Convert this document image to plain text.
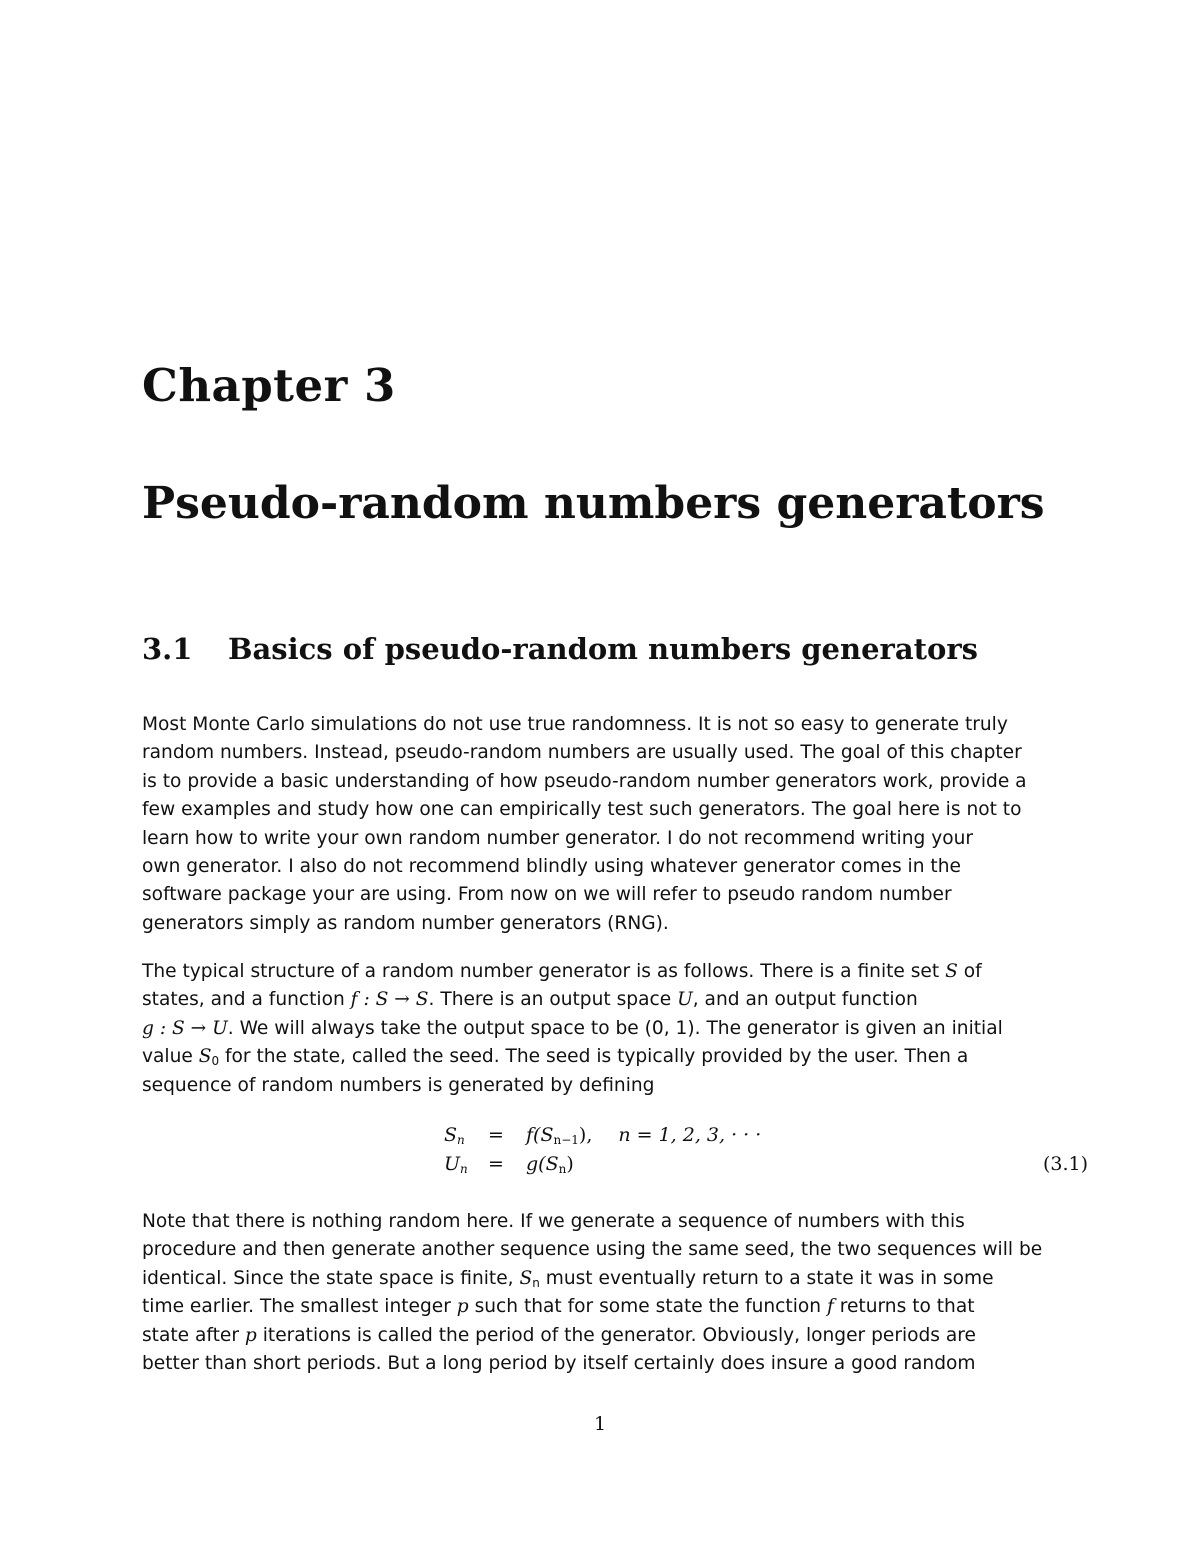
Chapter 3
Pseudo-random numbers generators
3.1 Basics of pseudo-random numbers generators
Most Monte Carlo simulations do not use true randomness. It is not so easy to generate truly
random numbers. Instead, pseudo-random numbers are usually used. The goal of this chapter
is to provide a basic understanding of how pseudo-random number generators work, provide a
few examples and study how one can empirically test such generators. The goal here is not to
learn how to write your own random number generator. I do not recommend writing your
own generator. I also do not recommend blindly using whatever generator comes in the
software package your are using. From now on we will refer to pseudo random number
generators simply as random number generators (RNG).
The typical structure of a random number generator is as follows. There is a finite set S of
states, and a function f : S → S. There is an output space U, and an output function
g : S → U. We will always take the output space to be (0, 1). The generator is given an initial
value $S_0$ for the state, called the seed. The seed is typically provided by the user. Then a
sequence of random numbers is generated by defining
$S_n = f(S_{n-1})$, n = 1, 2, 3, · · ·
$U_n = g(S_n)$	(3.1)
Note that there is nothing random here. If we generate a sequence of numbers with this
procedure and then generate another sequence using the same seed, the two sequences will be
identical. Since the state space is finite, $S_n$ must eventually return to a state it was in some
time earlier. The smallest integer p such that for some state the function f returns to that
state after p iterations is called the period of the generator. Obviously, longer periods are
better than short periods. But a long period by itself certainly does insure a good random
1
